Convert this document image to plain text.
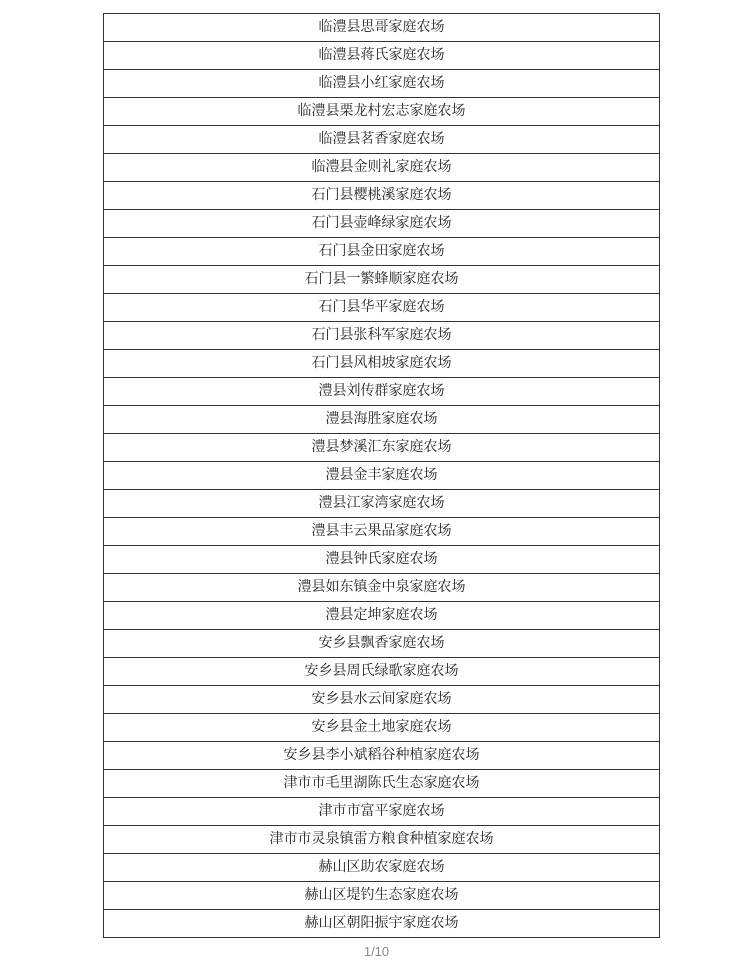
临澧县思哥家庭农场
临澧县蒋氏家庭农场
临澧县小红家庭农场
临澧县栗龙村宏志家庭农场
临澧县茗香家庭农场
临澧县金则礼家庭农场
石门县樱桃溪家庭农场
石门县壶峰绿家庭农场
石门县金田家庭农场
石门县一繁蜂顺家庭农场
石门县华平家庭农场
石门县张科军家庭农场
石门县风相坡家庭农场
澧县刘传群家庭农场
澧县海胜家庭农场
澧县梦溪汇东家庭农场
澧县金丰家庭农场
澧县江家湾家庭农场
澧县丰云果品家庭农场
澧县钟氏家庭农场
澧县如东镇金中泉家庭农场
澧县定坤家庭农场
安乡县飘香家庭农场
安乡县周氏绿歌家庭农场
安乡县水云间家庭农场
安乡县金土地家庭农场
安乡县李小斌稻谷种植家庭农场
津市市毛里湖陈氏生态家庭农场
津市市富平家庭农场
津市市灵泉镇雷方粮食种植家庭农场
赫山区助农家庭农场
赫山区堤钓生态家庭农场
赫山区朝阳振宇家庭农场
1/10
